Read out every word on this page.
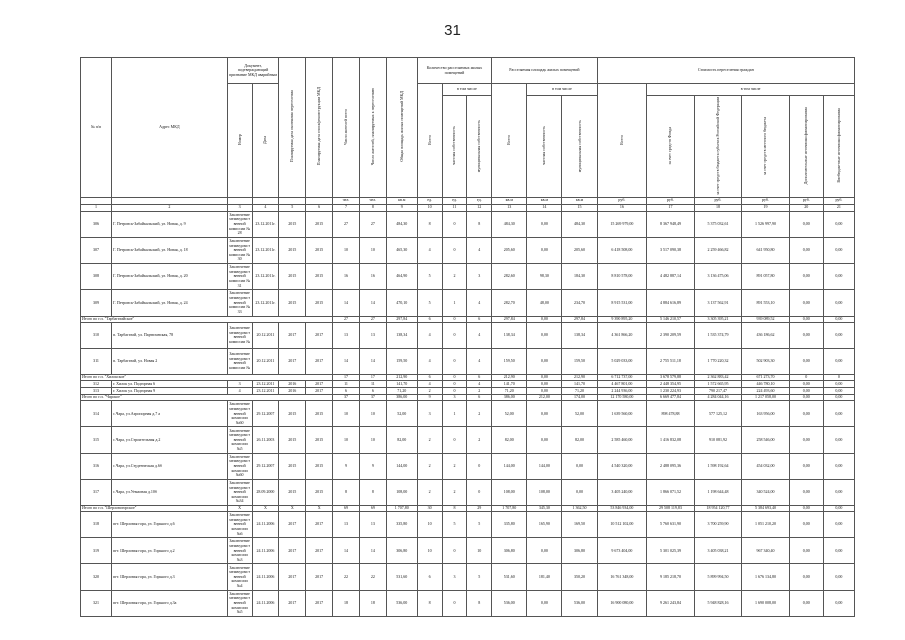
31
№ п/п	Адрес МКД	Документ, подтверждающий признание МКД аварийным		Планируемая дата окончания переселения	Планируемая дата сноса/реконструкции МКД	Число жителей всего	Число жителей, планируемых к переселению	Общая площадь жилых помещений МКД	Количество расселяемых жилых помещений			Расселяемая площадь жилых помещений			Стоимость переселения граждан					
		Номер	Дата						Всего	в том числе		Всего	в том числе		Всего	в том числе				
										частная собственность	муниципальная собственность		частная собственность	муниципальная собственность		за счет средств Фонда	за счет средств бюджета субъекта Российской Федерации	за счет средств местного бюджета	Дополнительные источники финансирования	Внебюджетные источники финансирования
						чел.	чел.	кв.м	ед.	ед.	ед.	кв.м	кв.м	кв.м	руб.	руб.	руб.	руб.	руб.	руб.
1	2	3	4	5	6	7	8	9	10	11	12	13	14	15	16	17	18	19	20	21
306	Г. Петровск-Забайкальский, ул. Новая, д. 9	Заключение межведомственной комиссии № 28	23.12.2011г.	2015	2015	27	27	484,30	8	0	8	484,30	0,00	484,30	15 269 979,00	8 367 948,49	5 375 032,61	1 526 997,90	0,00	0,00
307	Г. Петровск-Забайкальский, ул. Новая, д. 18	Заключение межведомственной комиссии № 30	23.12.2011г.	2015	2015	10	10	465,30	4	0	4	205,60	0,00	205,60	6 418 508,00	3 517 090,38	2 259 466,82	641 950,80	0,00	0,00
308	Г. Петровск-Забайкальский, ул. Новая, д. 20	Заключение межведомственной комиссии № 31	23.12.2011г.	2015	2015	16	16	464,90	5	2	3	282,60	98,30	184,30	8 810 578,00	4 482 887,14	3 136 475,06	891 057,80	0,00	0,00
309	Г. Петровск-Забайкальский, ул. Новая, д. 24	Заключение межведомственной комиссии № 33	23.12.2011г.	2015	2015	14	14	470,10	5	1	4	282,70	48,00	234,70	8 915 531,00	4 884 616,89	3 137 562,91	891 553,10	0,00	0,00
Итого по г.п. "Тарбагатайское"						27	27	297,84	6	0	6	297,84	0,00	297,84	9 390 895,20	5 146 210,57	3 305 395,21	939 089,52	0,00	0,00
310	п. Тарбагатай, ул. Партизанская, 78	Заключение межведомственной комиссии №	20.12.2011	2017	2017	13	13	138,34	4	0	4	138,34	0,00	138,34	4 361 866,20	2 390 209,59	1 535 374,79	436 186,62	0,00	0,00
311	п. Тарбагатай, ул. Новая 2	Заключение межведомственной комиссии №	20.12.2011	2017	2017	14	14	159,50	4	0	4	159,50	0,00	159,50	5 029 033,00	2 755 511,18	1 770 220,32	502 903,30	0,00	0,00
Итого по г.п. "Хилокское"						17	17	212,90	6	0	6	212,90	0,00	212,90	6 712 737,00	3 678 579,88	2 362 883,42	671 273,70	0	0
312	г. Хилок ул. Подгорная 6	3	23.12.2011	2016	2017	11	11	141,70	4	0	4	141,70	0,00	141,70	4 467 801,00	2 448 354,95	1 572 665,95	446 780,10	0,00	0,00
313	г. Хилок ул. Подгорная 9	4	23.12.2011	2016	2017	6	6	71,20	2	0	2	71,20	0,00	71,20	2 244 936,00	1 230 224,93	790 217,47	224 493,60	0,00	0,00
Итого по г.п. "Чарское"						37	37	386,00	9	3	6	386,00	212,00	174,00	12 170 580,00	6 669 477,84	4 284 044,16	1 217 058,00	0,00	0,00
314	с.Чара, ул.Аэропорная д.7 а	Заключение межведомственной комиссии №60	29.12.2007	2015	2015	10	10	52,00	3	1	2	52,00	0,00	52,00	1 639 560,00	898 478,88	577 125,12	163 956,00	0,00	0,00
315	с.Чара, ул.Строительная д.2	Заключение межведомственной комиссии №5	26.11.2003	2015	2015	10	10	82,00	2	0	2	82,00	0,00	82,00	2 585 460,00	1 416 832,08	910 081,92	258 546,00	0,00	0,00
316	с.Чара, ул.Студенческая д.6б	Заключение межведомственной комиссии №60	29.12.2007	2015	2015	9	9	144,00	2	2	0	144,00	144,00	0,00	4 540 320,00	2 488 095,36	1 598 192,64	454 032,00	0,00	0,00
317	с.Чара, ул.Уемаоная д.10б	Заключение межведомственной комиссии №34	28.09.2000	2015	2015	8	8	108,00	2	2	0	108,00	108,00	0,00	3 405 240,00	1 866 071,52	1 198 644,48	340 524,00	0,00	0,00
Итого по г.п. "Шерловогорское"		X	X	X	X	69	69	1 707,80	30	8	29	1 707,80	345,30	1 362,50	53 846 934,00	29 508 119,83	18 954 120,77	5 384 693,40	0,00	0,00
318	пгт. Шерловая гора, ул. Горького д.6	Заключение межведомственной комиссии №6	24.11.2006	2017	2017	13	13	335,80	10	5	5	335,80	165,90	169,50	10 512 102,00	5 760 631,90	3 700 259,90	1 051 210,20	0,00	0,00
319	пгт. Шерловая гора, ул. Горького д.2	Заключение межведомственной комиссии №3	24.11.2006	2017	2017	14	14	306,80	10	0	10	306,80	0,00	306,80	9 673 404,00	5 301 025,39	3 405 038,21	967 340,40	0,00	0,00
320	пгт. Шерловая гора, ул. Горького д.3	Заключение межведомственной комиссии №4	24.11.2006	2017	2017	22	22	531,60	6	3	5	531,60	181,40	350,20	16 761 348,00	9 185 218,70	5 899 994,50	1 676 134,80	0,00	0,00
321	пгт. Шерловая гора, ул. Горького д.3а	Заключение межведомственной комиссии №5	24.11.2006	2017	2017	18	18	536,00	8	0	8	536,00	0,00	536,00	16 900 080,00	9 261 243,84	5 948 828,16	1 690 008,00	0,00	0,00
